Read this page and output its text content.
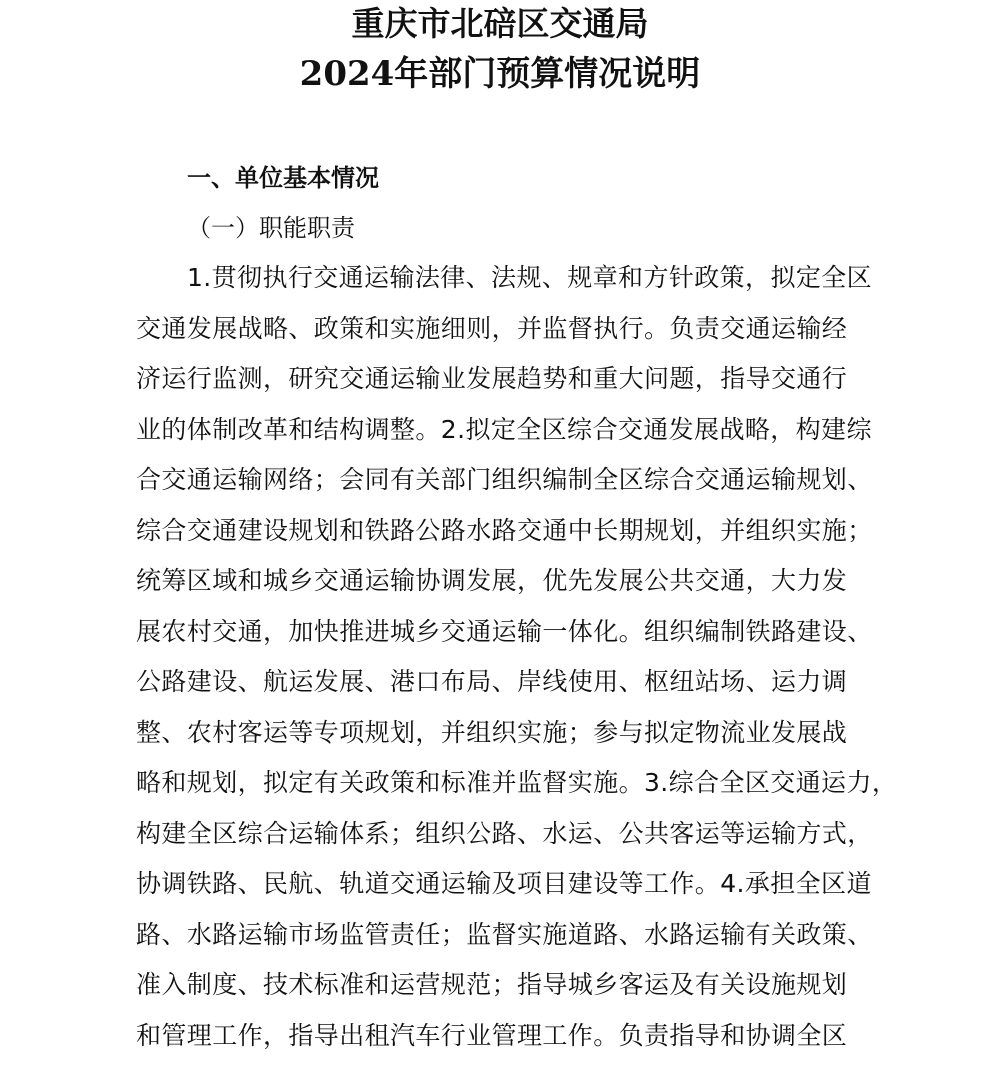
重庆市北碚区交通局
2024年部门预算情况说明
一、单位基本情况
（一）职能职责
1.贯彻执行交通运输法律、法规、规章和方针政策，拟定全区
交通发展战略、政策和实施细则，并监督执行。负责交通运输经
济运行监测，研究交通运输业发展趋势和重大问题，指导交通行
业的体制改革和结构调整。2.拟定全区综合交通发展战略，构建综
合交通运输网络；会同有关部门组织编制全区综合交通运输规划、
综合交通建设规划和铁路公路水路交通中长期规划，并组织实施；
统筹区域和城乡交通运输协调发展，优先发展公共交通，大力发
展农村交通，加快推进城乡交通运输一体化。组织编制铁路建设、
公路建设、航运发展、港口布局、岸线使用、枢纽站场、运力调
整、农村客运等专项规划，并组织实施；参与拟定物流业发展战
略和规划，拟定有关政策和标准并监督实施。3.综合全区交通运力，
构建全区综合运输体系；组织公路、水运、公共客运等运输方式，
协调铁路、民航、轨道交通运输及项目建设等工作。4.承担全区道
路、水路运输市场监管责任；监督实施道路、水路运输有关政策、
准入制度、技术标准和运营规范；指导城乡客运及有关设施规划
和管理工作，指导出租汽车行业管理工作。负责指导和协调全区
